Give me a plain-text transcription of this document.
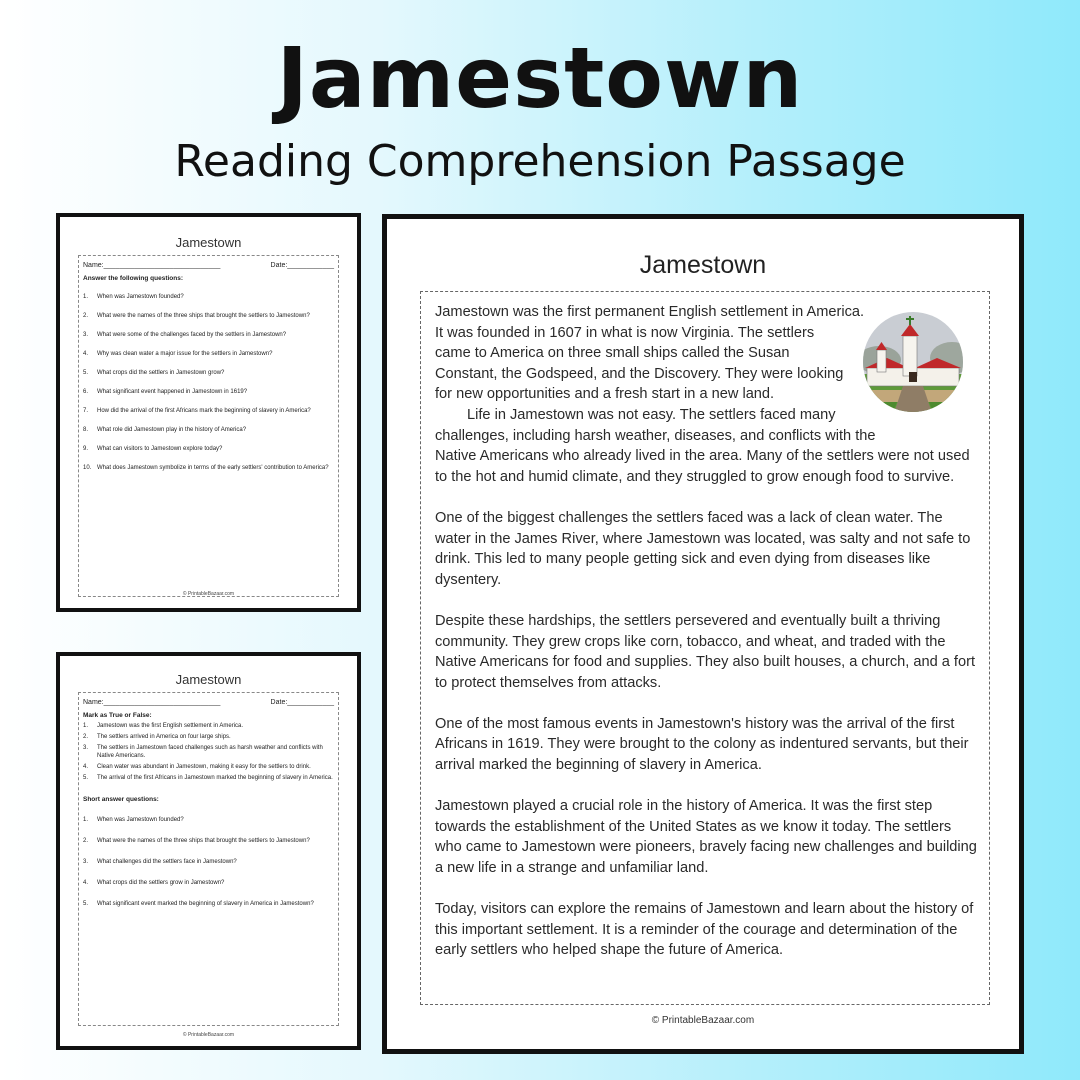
Jamestown
Reading Comprehension Passage
Jamestown
Name:______________________________	Date:____________
Answer the following questions:
1.	When was Jamestown founded?
2.	What were the names of the three ships that brought the settlers to Jamestown?
3.	What were some of the challenges faced by the settlers in Jamestown?
4.	Why was clean water a major issue for the settlers in Jamestown?
5.	What crops did the settlers in Jamestown grow?
6.	What significant event happened in Jamestown in 1619?
7.	How did the arrival of the first Africans mark the beginning of slavery in America?
8.	What role did Jamestown play in the history of America?
9.	What can visitors to Jamestown explore today?
10. What does Jamestown symbolize in terms of the early settlers' contribution to America?
© PrintableBazaar.com
Jamestown
Name:______________________________	Date:____________
Mark as True or False:
1.	Jamestown was the first English settlement in America.
2.	The settlers arrived in America on four large ships.
3.	The settlers in Jamestown faced challenges such as harsh weather and conflicts with Native Americans.
4.	Clean water was abundant in Jamestown, making it easy for the settlers to drink.
5.	The arrival of the first Africans in Jamestown marked the beginning of slavery in America.
Short answer questions:
1.	When was Jamestown founded?
2.	What were the names of the three ships that brought the settlers to Jamestown?
3.	What challenges did the settlers face in Jamestown?
4.	What crops did the settlers grow in Jamestown?
5.	What significant event marked the beginning of slavery in America in Jamestown?
© PrintableBazaar.com
Jamestown

Jamestown was the first permanent English settlement in America. It was founded in 1607 in what is now Virginia. The settlers came to America on three small ships called the Susan Constant, the Godspeed, and the Discovery. They were looking for new opportunities and a fresh start in a new land.

Life in Jamestown was not easy. The settlers faced many challenges, including harsh weather, diseases, and conflicts with the Native Americans who already lived in the area. Many of the settlers were not used to the hot and humid climate, and they struggled to grow enough food to survive.

One of the biggest challenges the settlers faced was a lack of clean water. The water in the James River, where Jamestown was located, was salty and not safe to drink. This led to many people getting sick and even dying from diseases like dysentery.

Despite these hardships, the settlers persevered and eventually built a thriving community. They grew crops like corn, tobacco, and wheat, and traded with the Native Americans for food and supplies. They also built houses, a church, and a fort to protect themselves from attacks.

One of the most famous events in Jamestown's history was the arrival of the first Africans in 1619. They were brought to the colony as indentured servants, but their arrival marked the beginning of slavery in America.

Jamestown played a crucial role in the history of America. It was the first step towards the establishment of the United States as we know it today. The settlers who came to Jamestown were pioneers, bravely facing new challenges and building a new life in a strange and unfamiliar land.

Today, visitors can explore the remains of Jamestown and learn about the history of this important settlement. It is a reminder of the courage and determination of the early settlers who helped shape the future of America.

© PrintableBazaar.com
